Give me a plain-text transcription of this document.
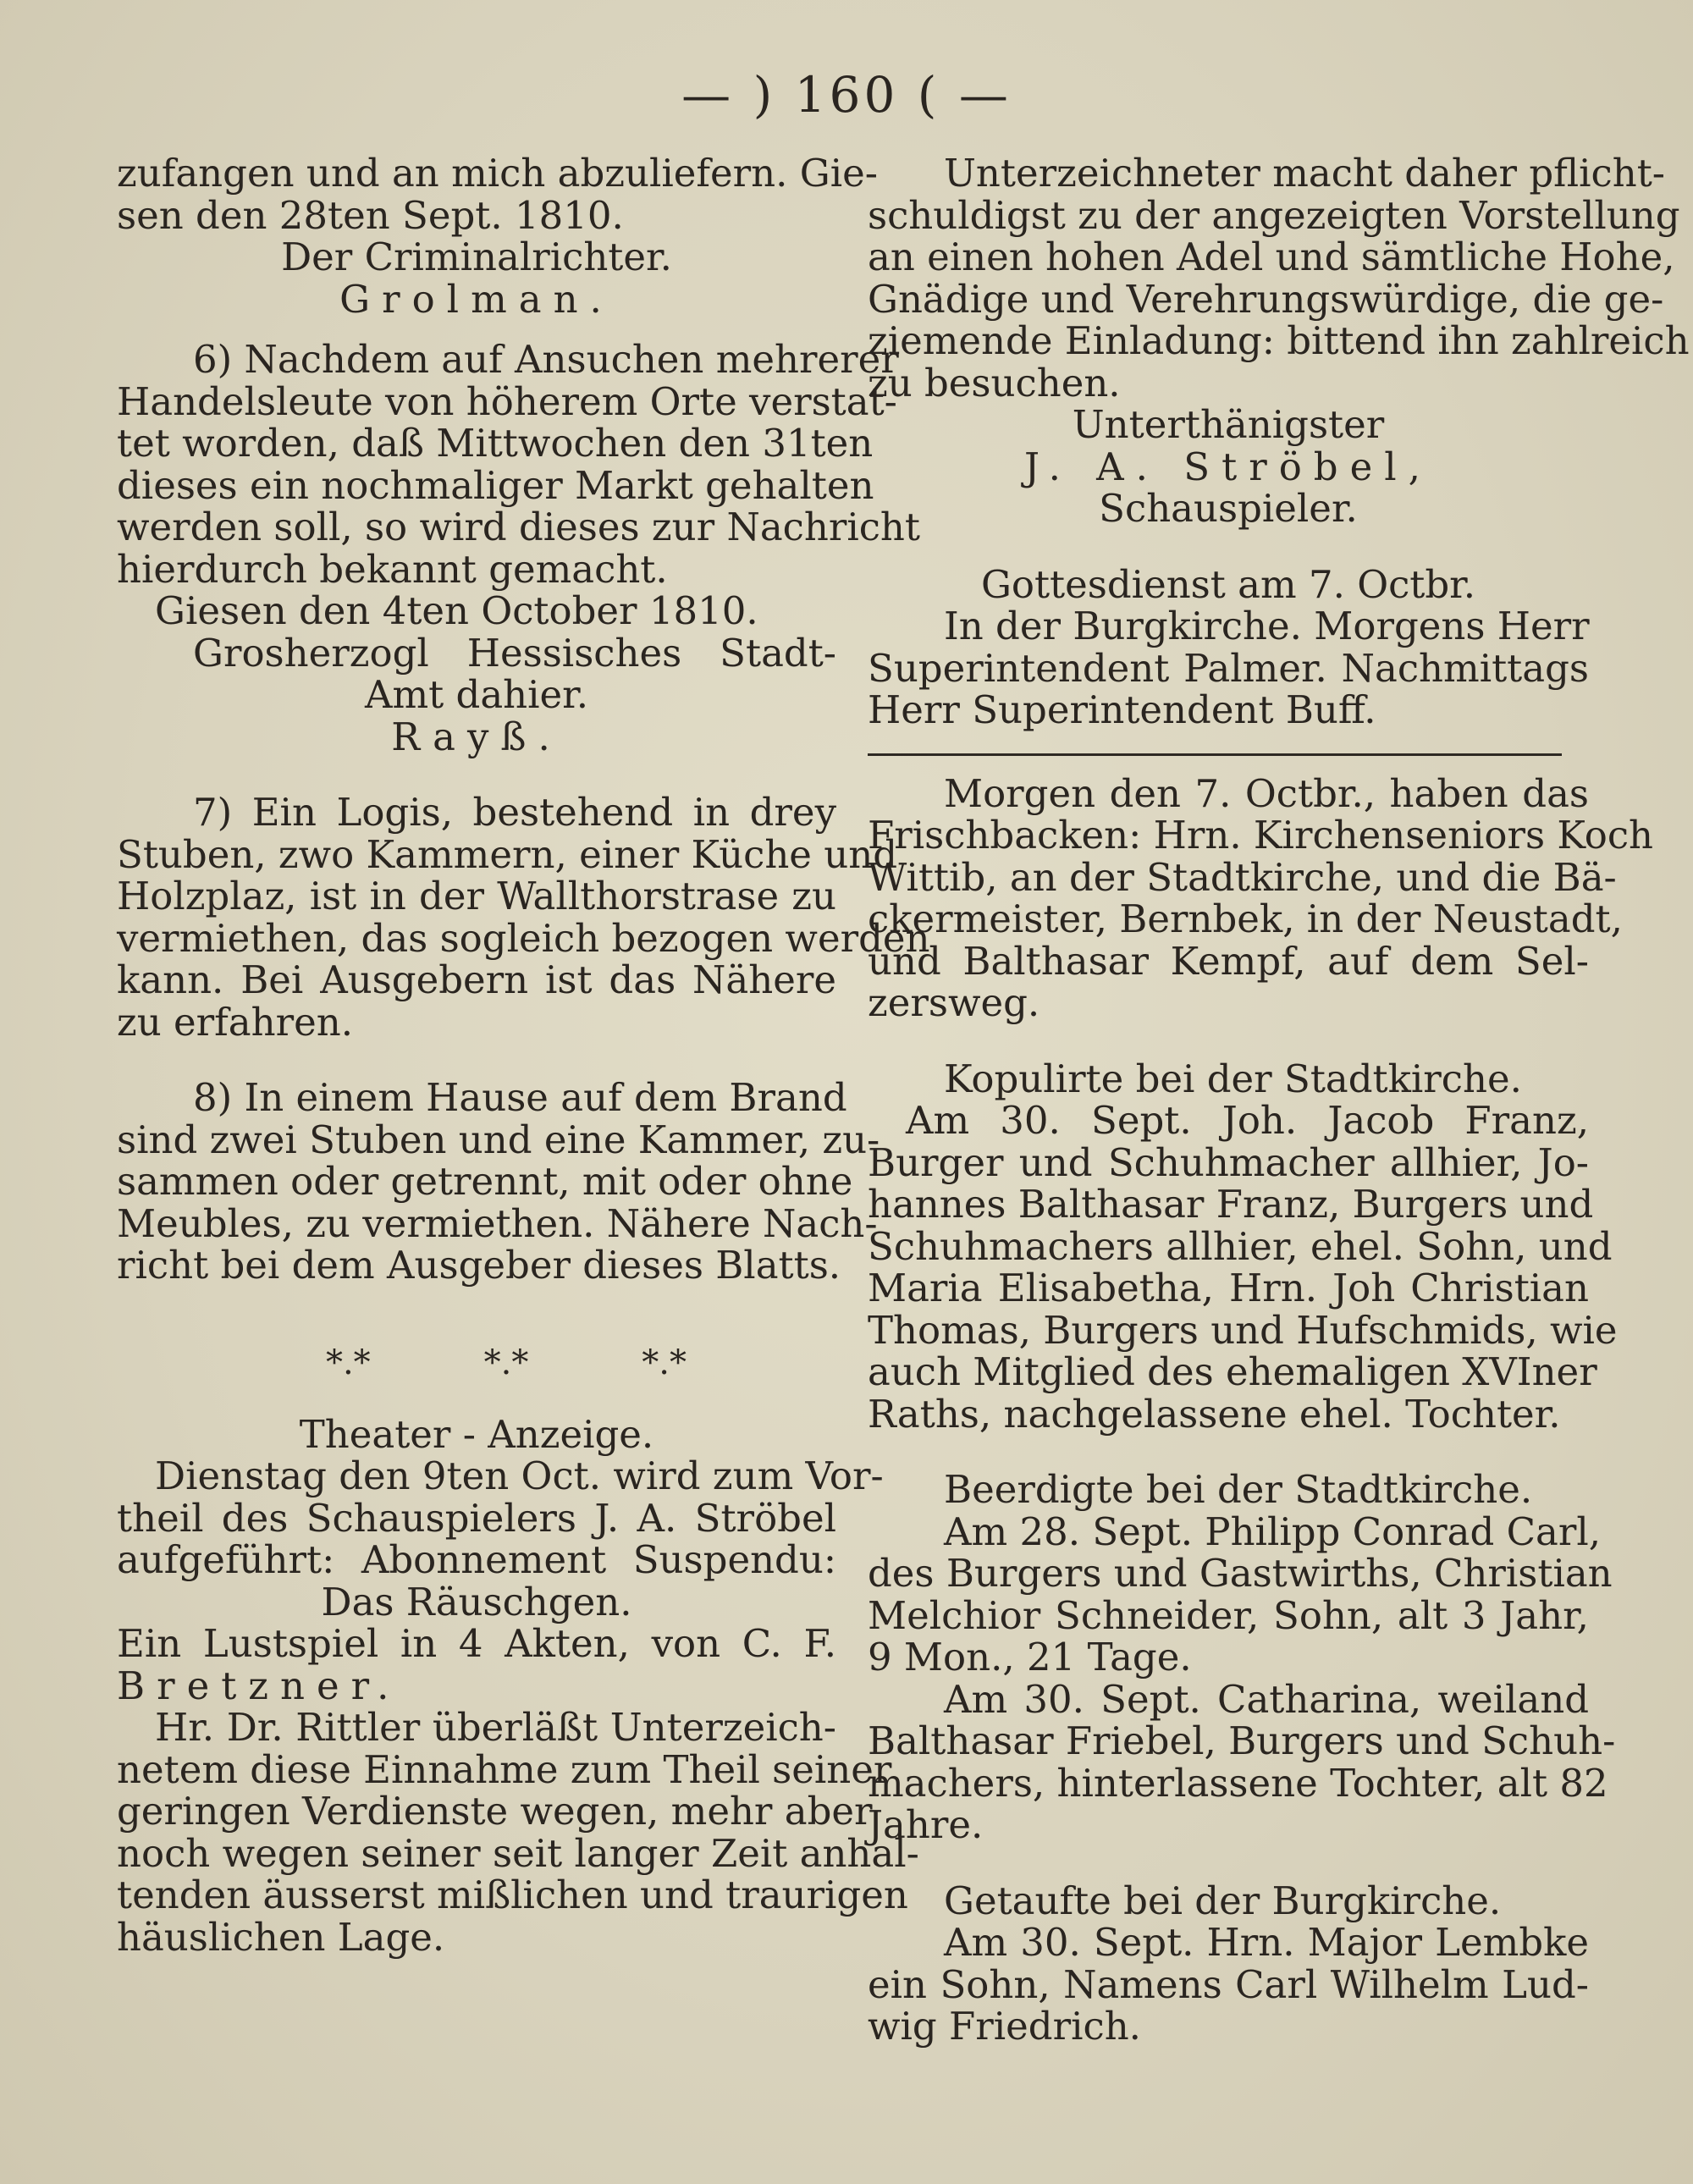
— ) 160 ( —
zufangen und an mich abzuliefern. Gie-
sen den 28ten Sept. 1810.
Der Criminalrichter.
Grolman.
6) Nachdem auf Ansuchen mehrerer
Handelsleute von höherem Orte verstat-
tet worden, daß Mittwochen den 31ten
dieses ein nochmaliger Markt gehalten
werden soll, so wird dieses zur Nachricht
hierdurch bekannt gemacht.
Giesen den 4ten October 1810.
Grosherzogl Hessisches Stadt-
Amt dahier.
Rayß.
7) Ein Logis, bestehend in drey
Stuben, zwo Kammern, einer Küche und
Holzplaz, ist in der Wallthorstrase zu
vermiethen, das sogleich bezogen werden
kann. Bei Ausgebern ist das Nähere
zu erfahren.
8) In einem Hause auf dem Brand
sind zwei Stuben und eine Kammer, zu-
sammen oder getrennt, mit oder ohne
Meubles, zu vermiethen. Nähere Nach-
richt bei dem Ausgeber dieses Blatts.
*.*	*.*	*.*
Theater - Anzeige.
Dienstag den 9ten Oct. wird zum Vor-
theil des Schauspielers J. A. Ströbel
aufgeführt: Abonnement Suspendu:
Das Räuschgen.
Ein Lustspiel in 4 Akten, von C. F.
Bretzner.
Hr. Dr. Rittler überläßt Unterzeich-
netem diese Einnahme zum Theil seiner
geringen Verdienste wegen, mehr aber
noch wegen seiner seit langer Zeit anhal-
tenden äusserst mißlichen und traurigen
häuslichen Lage.
Unterzeichneter macht daher pflicht-
schuldigst zu der angezeigten Vorstellung
an einen hohen Adel und sämtliche Hohe,
Gnädige und Verehrungswürdige, die ge-
ziemende Einladung: bittend ihn zahlreich
zu besuchen.
Unterthänigster
J. A. Ströbel,
Schauspieler.
Gottesdienst am 7. Octbr.
In der Burgkirche. Morgens Herr
Superintendent Palmer. Nachmittags
Herr Superintendent Buff.
Morgen den 7. Octbr., haben das
Frischbacken: Hrn. Kirchenseniors Koch
Wittib, an der Stadtkirche, und die Bä-
ckermeister, Bernbek, in der Neustadt,
und Balthasar Kempf, auf dem Sel-
zersweg.
Kopulirte bei der Stadtkirche.
Am 30. Sept. Joh. Jacob Franz,
Burger und Schuhmacher allhier, Jo-
hannes Balthasar Franz, Burgers und
Schuhmachers allhier, ehel. Sohn, und
Maria Elisabetha, Hrn. Joh Christian
Thomas, Burgers und Hufschmids, wie
auch Mitglied des ehemaligen XVIner
Raths, nachgelassene ehel. Tochter.
Beerdigte bei der Stadtkirche.
Am 28. Sept. Philipp Conrad Carl,
des Burgers und Gastwirths, Christian
Melchior Schneider, Sohn, alt 3 Jahr,
9 Mon., 21 Tage.
Am 30. Sept. Catharina, weiland
Balthasar Friebel, Burgers und Schuh-
machers, hinterlassene Tochter, alt 82
Jahre.
Getaufte bei der Burgkirche.
Am 30. Sept. Hrn. Major Lembke
ein Sohn, Namens Carl Wilhelm Lud-
wig Friedrich.
